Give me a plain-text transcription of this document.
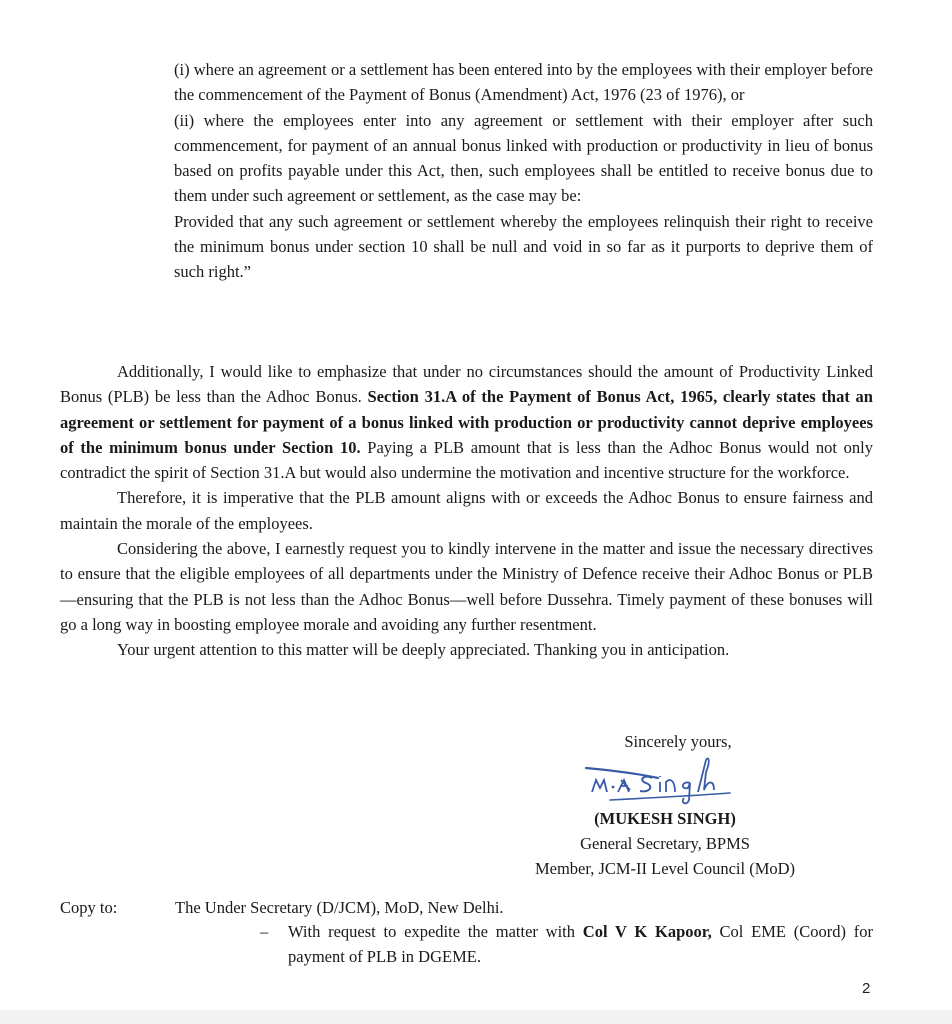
(i) where an agreement or a settlement has been entered into by the employees with their employer before the commencement of the Payment of Bonus (Amendment) Act, 1976 (23 of 1976), or

(ii) where the employees enter into any agreement or settlement with their employer after such commencement, for payment of an annual bonus linked with production or productivity in lieu of bonus based on profits payable under this Act, then, such employees shall be entitled to receive bonus due to them under such agreement or settlement, as the case may be:

Provided that any such agreement or settlement whereby the employees relinquish their right to receive the minimum bonus under section 10 shall be null and void in so far as it purports to deprive them of such right.”

Additionally, I would like to emphasize that under no circumstances should the amount of Productivity Linked Bonus (PLB) be less than the Adhoc Bonus. Section 31.A of the Payment of Bonus Act, 1965, clearly states that an agreement or settlement for payment of a bonus linked with production or productivity cannot deprive employees of the minimum bonus under Section 10. Paying a PLB amount that is less than the Adhoc Bonus would not only contradict the spirit of Section 31.A but would also undermine the motivation and incentive structure for the workforce.

Therefore, it is imperative that the PLB amount aligns with or exceeds the Adhoc Bonus to ensure fairness and maintain the morale of the employees.

Considering the above, I earnestly request you to kindly intervene in the matter and issue the necessary directives to ensure that the eligible employees of all departments under the Ministry of Defence receive their Adhoc Bonus or PLB—ensuring that the PLB is not less than the Adhoc Bonus—well before Dussehra. Timely payment of these bonuses will go a long way in boosting employee morale and avoiding any further resentment.

Your urgent attention to this matter will be deeply appreciated. Thanking you in anticipation.

Sincerely yours,
(MUKESH SINGH)
General Secretary, BPMS
Member, JCM-II Level Council (MoD)
Copy to:	The Under Secretary (D/JCM), MoD, New Delhi.
–	With request to expedite the matter with Col V K Kapoor, Col EME (Coord) for payment of PLB in DGEME.
2
